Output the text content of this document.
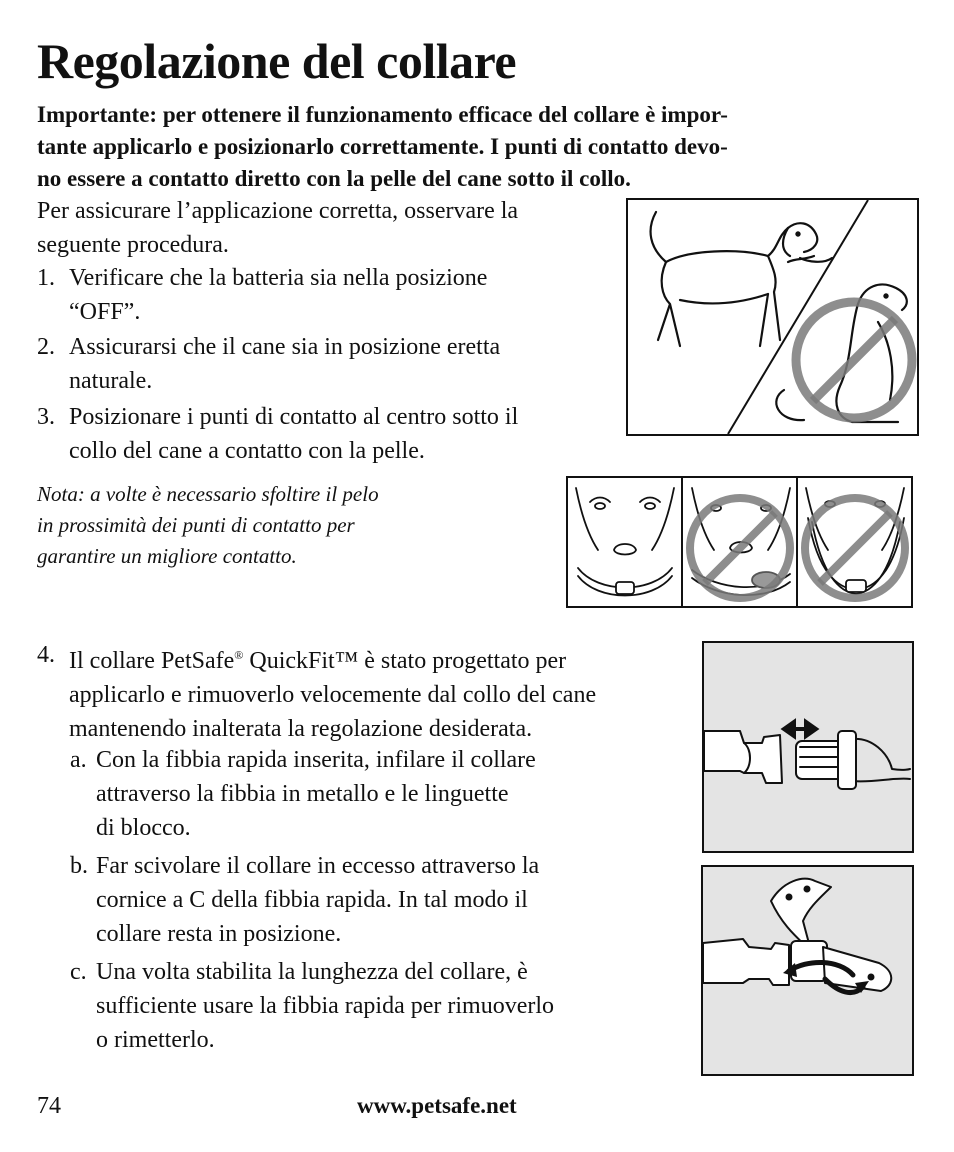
Regolazione del collare
Importante: per ottenere il funzionamento efficace del collare è impor-
tante applicarlo e posizionarlo correttamente. I punti di contatto devo-
no essere a contatto diretto con la pelle del cane sotto il collo.
Per assicurare l’applicazione corretta, osservare la
seguente procedura.
1. Verificare che la batteria sia nella posizione
“OFF”.
2. Assicurarsi che il cane sia in posizione eretta
naturale.
3. Posizionare i punti di contatto al centro sotto il
collo del cane a contatto con la pelle.
Nota: a volte è necessario sfoltire il pelo
in prossimità dei punti di contatto per
garantire un migliore contatto.
4. Il collare PetSafe® QuickFit™ è stato progettato per
applicarlo e rimuoverlo velocemente dal collo del cane
mantenendo inalterata la regolazione desiderata.
a. Con la fibbia rapida inserita, infilare il collare
attraverso la fibbia in metallo e le linguette
di blocco.
b. Far scivolare il collare in eccesso attraverso la
cornice a C della fibbia rapida. In tal modo il
collare resta in posizione.
c. Una volta stabilita la lunghezza del collare, è
sufficiente usare la fibbia rapida per rimuoverlo
o rimetterlo.
74	www.petsafe.net
